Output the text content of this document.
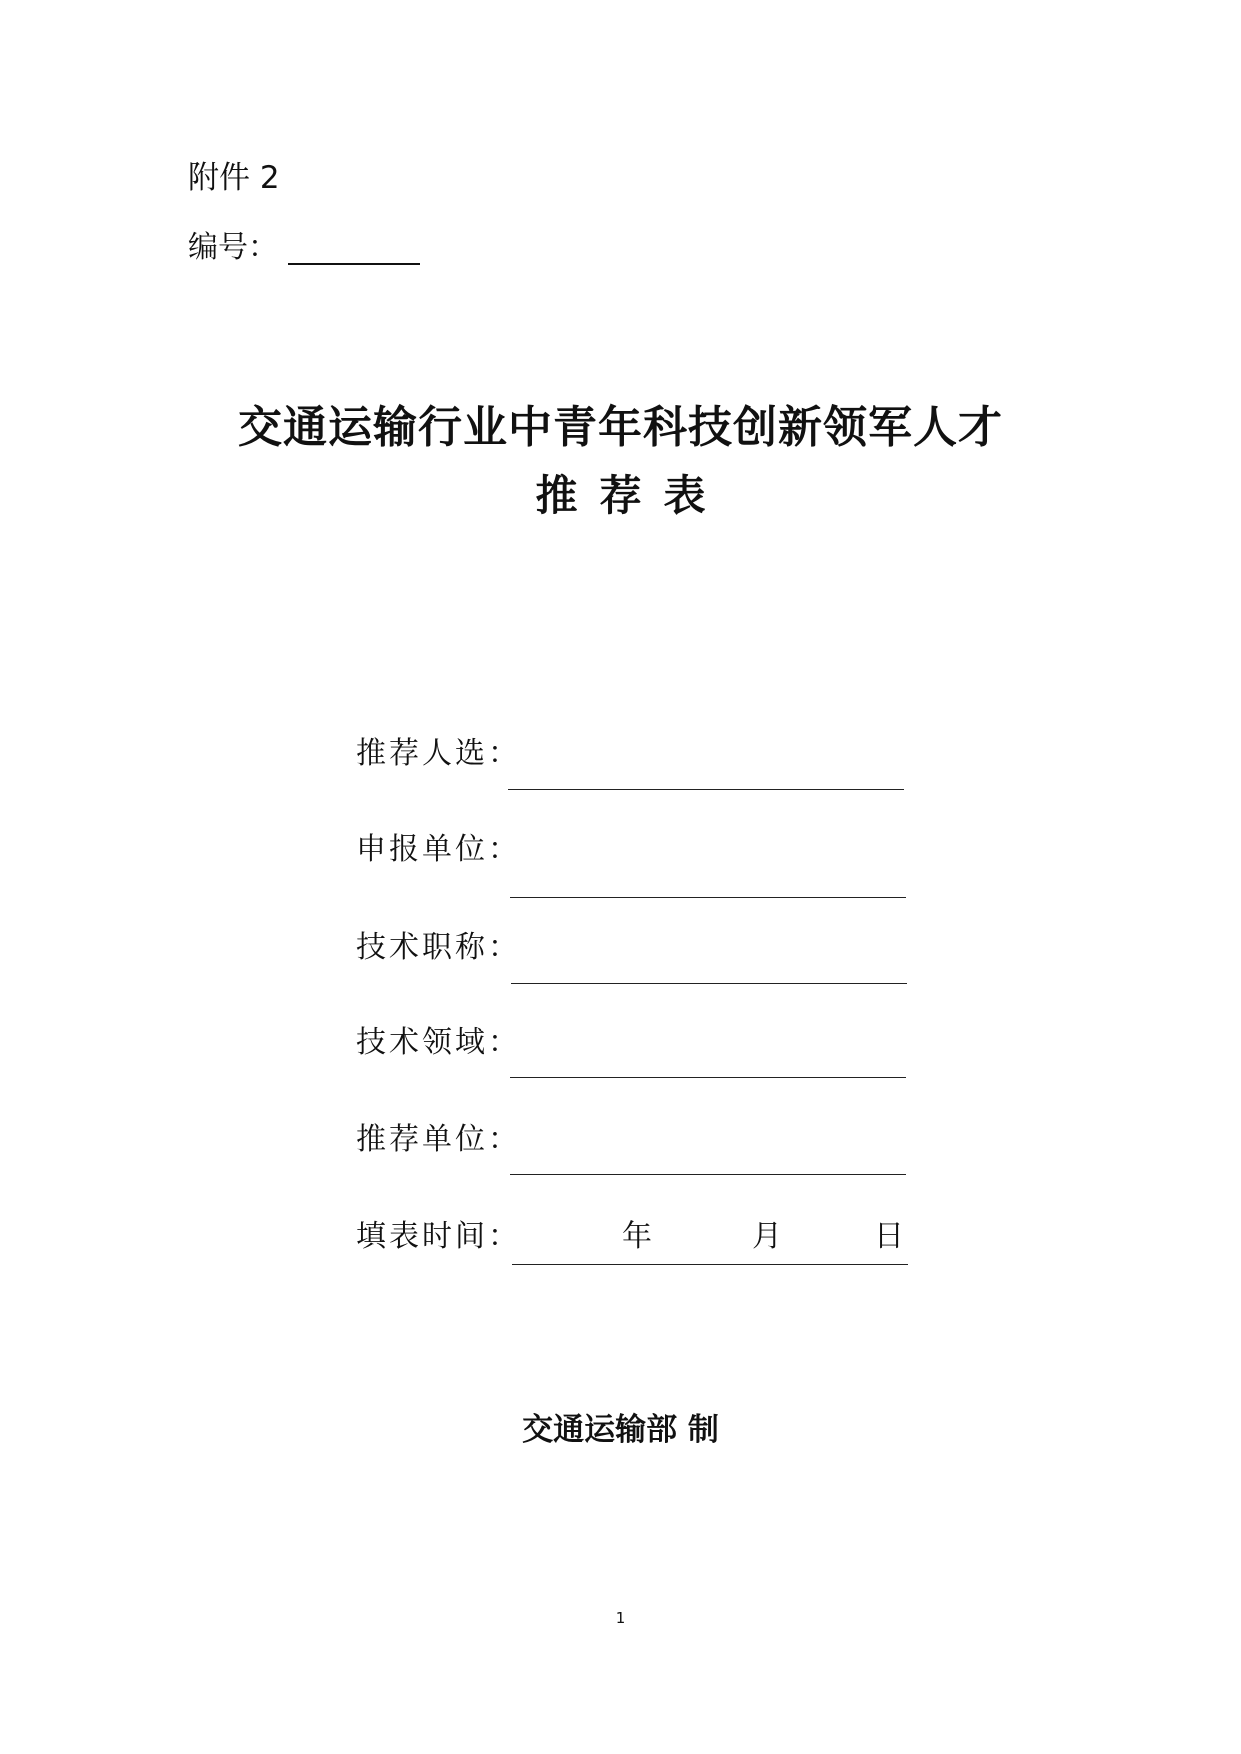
附件 2
编号：
交通运输行业中青年科技创新领军人才
推荐表
推荐人选：
申报单位：
技术职称：
技术领域：
推荐单位：
填表时间：	年	月	日
交通运输部 制
1
